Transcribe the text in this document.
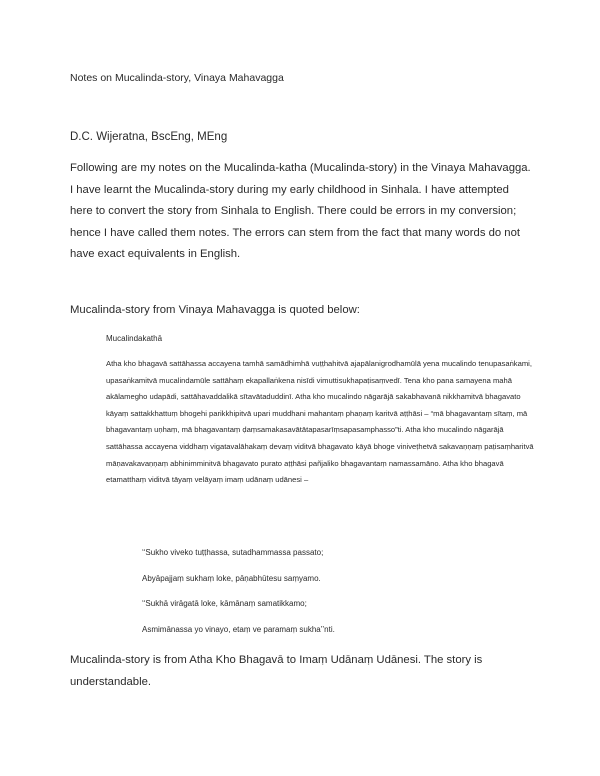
Notes on Mucalinda-story, Vinaya Mahavagga

D.C. Wijeratna, BscEng, MEng

Following are my notes on the Mucalinda-katha (Mucalinda-story) in the Vinaya Mahavagga. I have learnt the Mucalinda-story during my early childhood in Sinhala. I have attempted here to convert the story from Sinhala to English. There could be errors in my conversion; hence I have called them notes. The errors can stem from the fact that many words do not have exact equivalents in English.

Mucalinda-story from Vinaya Mahavagga is quoted below:

Mucalindakathā

Atha kho bhagavā sattāhassa accayena tamhā samādhimhā vuṭṭhahitvā ajapālanigrodhamūlā yena mucalindo tenupasaṅkami, upasaṅkamitvā mucalindamūle sattāhaṃ ekapallaṅkena nisīdi vimuttisukhapaṭisaṃvedī. Tena kho pana samayena mahā akālamegho udapādi, sattāhavaddalikā sītavātaduddinī. Atha kho mucalindo nāgarājā sakabhavanā nikkhamitvā bhagavato kāyaṃ sattakkhattuṃ bhogehi parikkhipitvā upari muddhani mahantaṃ phaṇaṃ karitvā aṭṭhāsi – “mā bhagavantaṃ sītaṃ, mā bhagavantaṃ uṇhaṃ, mā bhagavantaṃ ḍaṃsamakasavātātapasarīṃsapasamphasso”ti. Atha kho mucalindo nāgarājā sattāhassa accayena viddhaṃ vigatavalāhakaṃ devaṃ viditvā bhagavato kāyā bhoge viniveṭhetvā sakavaṇṇaṃ paṭisaṃharitvā māṇavakavaṇṇaṃ abhinimminitvā bhagavato purato aṭṭhāsi pañjaliko bhagavantaṃ namassamāno. Atha kho bhagavā etamatthaṃ viditvā tāyaṃ velāyaṃ imaṃ udānaṃ udānesi –

‘‘Sukho viveko tuṭṭhassa, sutadhammassa passato;

Abyāpajjaṃ sukhaṃ loke, pāṇabhūtesu saṃyamo.

‘‘Sukhā virāgatā loke, kāmānaṃ samatikkamo;

Asmimānassa yo vinayo, etaṃ ve paramaṃ sukha’’nti.

Mucalinda-story is from Atha Kho Bhagavā to Imaṃ Udānaṃ Udānesi. The story is understandable.
